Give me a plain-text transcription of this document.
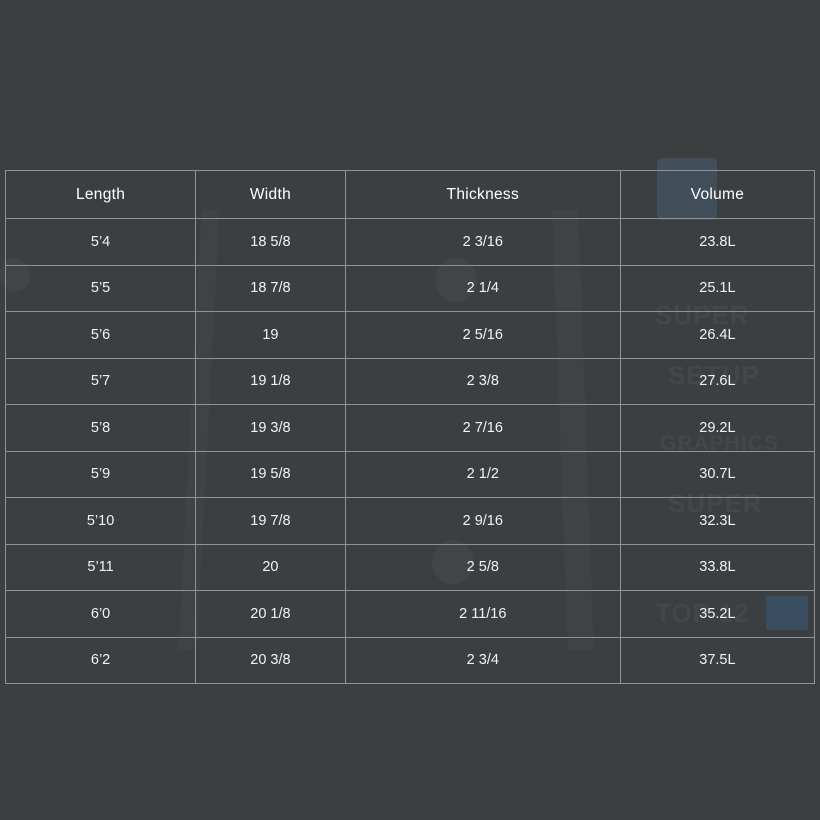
Length	Width	Thickness	Volume
5’4	18 5/8	2 3/16	23.8L
5’5	18 7/8	2 1/4	25.1L
5’6	19	2 5/16	26.4L
5’7	19 1/8	2 3/8	27.6L
5’8	19 3/8	2 7/16	29.2L
5’9	19 5/8	2 1/2	30.7L
5’10	19 7/8	2 9/16	32.3L
5’11	20	2 5/8	33.8L
6’0	20 1/8	2 11/16	35.2L
6’2	20 3/8	2 3/4	37.5L
